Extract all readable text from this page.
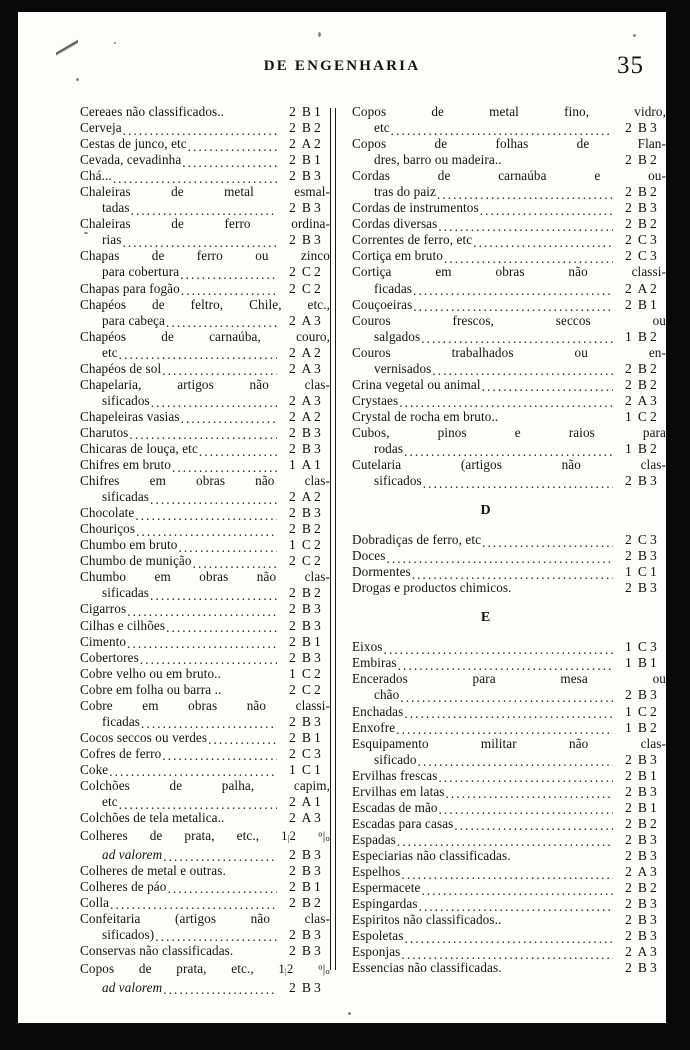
DE ENGENHARIA	35
Cereaes não classificados..	2 B 1
Cerveja .....	2 B 2
Cestas de junco, etc .....	2 A 2
Cevada, cevadinha .....	2 B 1
Chá... .....	2 B 3
Chaleiras de metal esmal-
tadas .....	2 B 3
Chaleiras de ferro ordina-
rias .....	2 B 3
Chapas de ferro ou zinco
para cobertura .....	2 C 2
Chapas para fogão .....	2 C 2
Chapéos de feltro, Chile, etc.,
para cabeça .....	2 A 3
Chapéos de carnaúba, couro,
etc .....	2 A 2
Chapéos de sol .....	2 A 3
Chapelaria, artigos não clas-
sificados .....	2 A 3
Chapeleiras vasias .....	2 A 2
Charutos .....	2 B 3
Chicaras de louça, etc .....	2 B 3
Chifres em bruto .....	1 A 1
Chifres em obras não clas-
sificadas .....	2 A 2
Chocolate .....	2 B 3
Chouriços .....	2 B 2
Chumbo em bruto .....	1 C 2
Chumbo de munição .....	2 C 2
Chumbo em obras não clas-
sificadas .....	2 B 2
Cigarros .....	2 B 3
Cilhas e cilhões .....	2 B 3
Cimento .....	2 B 1
Cobertores .....	2 B 3
Cobre velho ou em bruto..	1 C 2
Cobre em folha ou barra ..	2 C 2
Cobre em obras não classi-
ficadas .....	2 B 3
Cocos seccos ou verdes .....	2 B 1
Cofres de ferro .....	2 C 3
Coke .....	1 C 1
Colchões de palha, capim,
etc .....	2 A 1
Colchões de tela metalica..	2 A 3
Colheres de prata, etc., $1_|2$	$^o|_o$
ad valorem .....	2 B 3
Colheres de metal e outras.	2 B 3
Colheres de páo .....	2 B 1
Colla .....	2 B 2
Confeitaria (artigos não clas-
sificados) .....	2 B 3
Conservas não classificadas.	2 B 3
Copos de prata, etc., $1_|2$	$^o|_o$
ad valorem .....	2 B 3
Copos de metal fino, vidro,
etc .....	2 B 3
Copos de folhas de Flan-
dres, barro ou madeira..	2 B 2
Cordas de carnaúba e ou-
tras do paiz .....	2 B 2
Cordas de instrumentos .....	2 B 3
Cordas diversas .....	2 B 2
Correntes de ferro, etc .....	2 C 3
Cortiça em bruto .....	2 C 3
Cortiça em obras não classi-
ficadas .....	2 A 2
Couçoeiras .....	2 B 1
Couros frescos, seccos ou
salgados .....	1 B 2
Couros trabalhados ou en-
vernisados .....	2 B 2
Crina vegetal ou animal .....	2 B 2
Crystaes .....	2 A 3
Crystal de rocha em bruto..	1 C 2
Cubos, pinos e raios para
rodas .....	1 B 2
Cutelaria (artigos não clas-
sificados .....	2 B 3
D
Dobradiças de ferro, etc .....	2 C 3
Doces .....	2 B 3
Dormentes .....	1 C 1
Drogas e productos chimicos.	2 B 3
E
Eixos .....	1 C 3
Embiras .....	1 B 1
Encerados para mesa ou
chão .....	2 B 3
Enchadas .....	1 C 2
Enxofre .....	1 B 2
Esquipamento militar não clas-
sificado .....	2 B 3
Ervilhas frescas .....	2 B 1
Ervilhas em latas .....	2 B 3
Escadas de mão .....	2 B 1
Escadas para casas .....	2 B 2
Espadas .....	2 B 3
Especiarias não classificadas.	2 B 3
Espelhos .....	2 A 3
Espermacete .....	2 B 2
Espingardas .....	2 B 3
Espiritos não classificados..	2 B 3
Espoletas .....	2 B 3
Esponjas .....	2 A 3
Essencias não classificadas.	2 B 3
